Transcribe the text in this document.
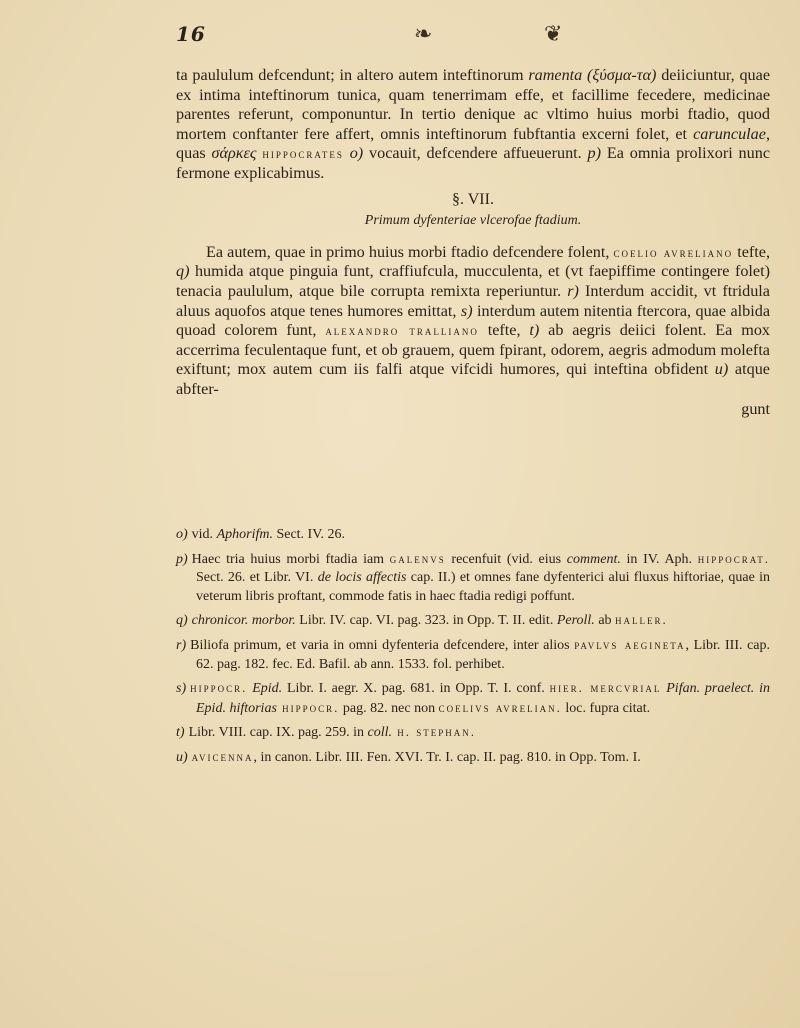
16	❧	❦

ta paululum defcendunt; in altero autem inteftinorum ramenta (ξύσμα-τα) deiiciuntur, quae ex intima inteftinorum tunica, quam tenerrimam effe, et facillime fecedere, medicinae parentes referunt, componuntur. In tertio denique ac vltimo huius morbi ftadio, quod mortem conftanter fere affert, omnis inteftinorum fubftantia excerni folet, et carunculae, quas σάρκες hippocrates o) vocauit, defcendere affueuerunt. p) Ea omnia prolixori nunc fermone explicabimus.

§. VII.
Primum dyfenteriae vlcerofae ftadium.

Ea autem, quae in primo huius morbi ftadio defcendere folent, coelio avreliano tefte, q) humida atque pinguia funt, craffiufcula, mucculenta, et (vt faepiffime contingere folet) tenacia paululum, atque bile corrupta remixta reperiuntur. r) Interdum accidit, vt ftridula aluus aquofos atque tenes humores emittat, s) interdum autem nitentia ftercora, quae albida quoad colorem funt, alexandro tralliano tefte, t) ab aegris deiici folent. Ea mox accerrima feculentaque funt, et ob grauem, quem fpirant, odorem, aegris admodum molefta exiftunt; mox autem cum iis falfi atque vifcidi humores, qui inteftina obfident u) atque abfter-

gunt

o) vid. Aphorifm. Sect. IV. 26.

p) Haec tria huius morbi ftadia iam galenvs recenfuit (vid. eius comment. in IV. Aph. hippocrat. Sect. 26. et Libr. VI. de locis affectis cap. II.) et omnes fane dyfenterici alui fluxus hiftoriae, quae in veterum libris proftant, commode fatis in haec ftadia redigi poffunt.

q) chronicor. morbor. Libr. IV. cap. VI. pag. 323. in Opp. T. II. edit. Peroll. ab haller.

r) Biliofa primum, et varia in omni dyfenteria defcendere, inter alios pavlvs aegineta, Libr. III. cap. 62. pag. 182. fec. Ed. Bafil. ab ann. 1533. fol. perhibet.

s) hippocr. Epid. Libr. I. aegr. X. pag. 681. in Opp. T. I. conf. hier. mercvrial Pifan. praelect. in Epid. hiftorias hippocr. pag. 82. nec non coelivs avrelian. loc. fupra citat.

t) Libr. VIII. cap. IX. pag. 259. in coll. h. stephan.

u) avicenna, in canon. Libr. III. Fen. XVI. Tr. I. cap. II. pag. 810. in Opp. Tom. I.
